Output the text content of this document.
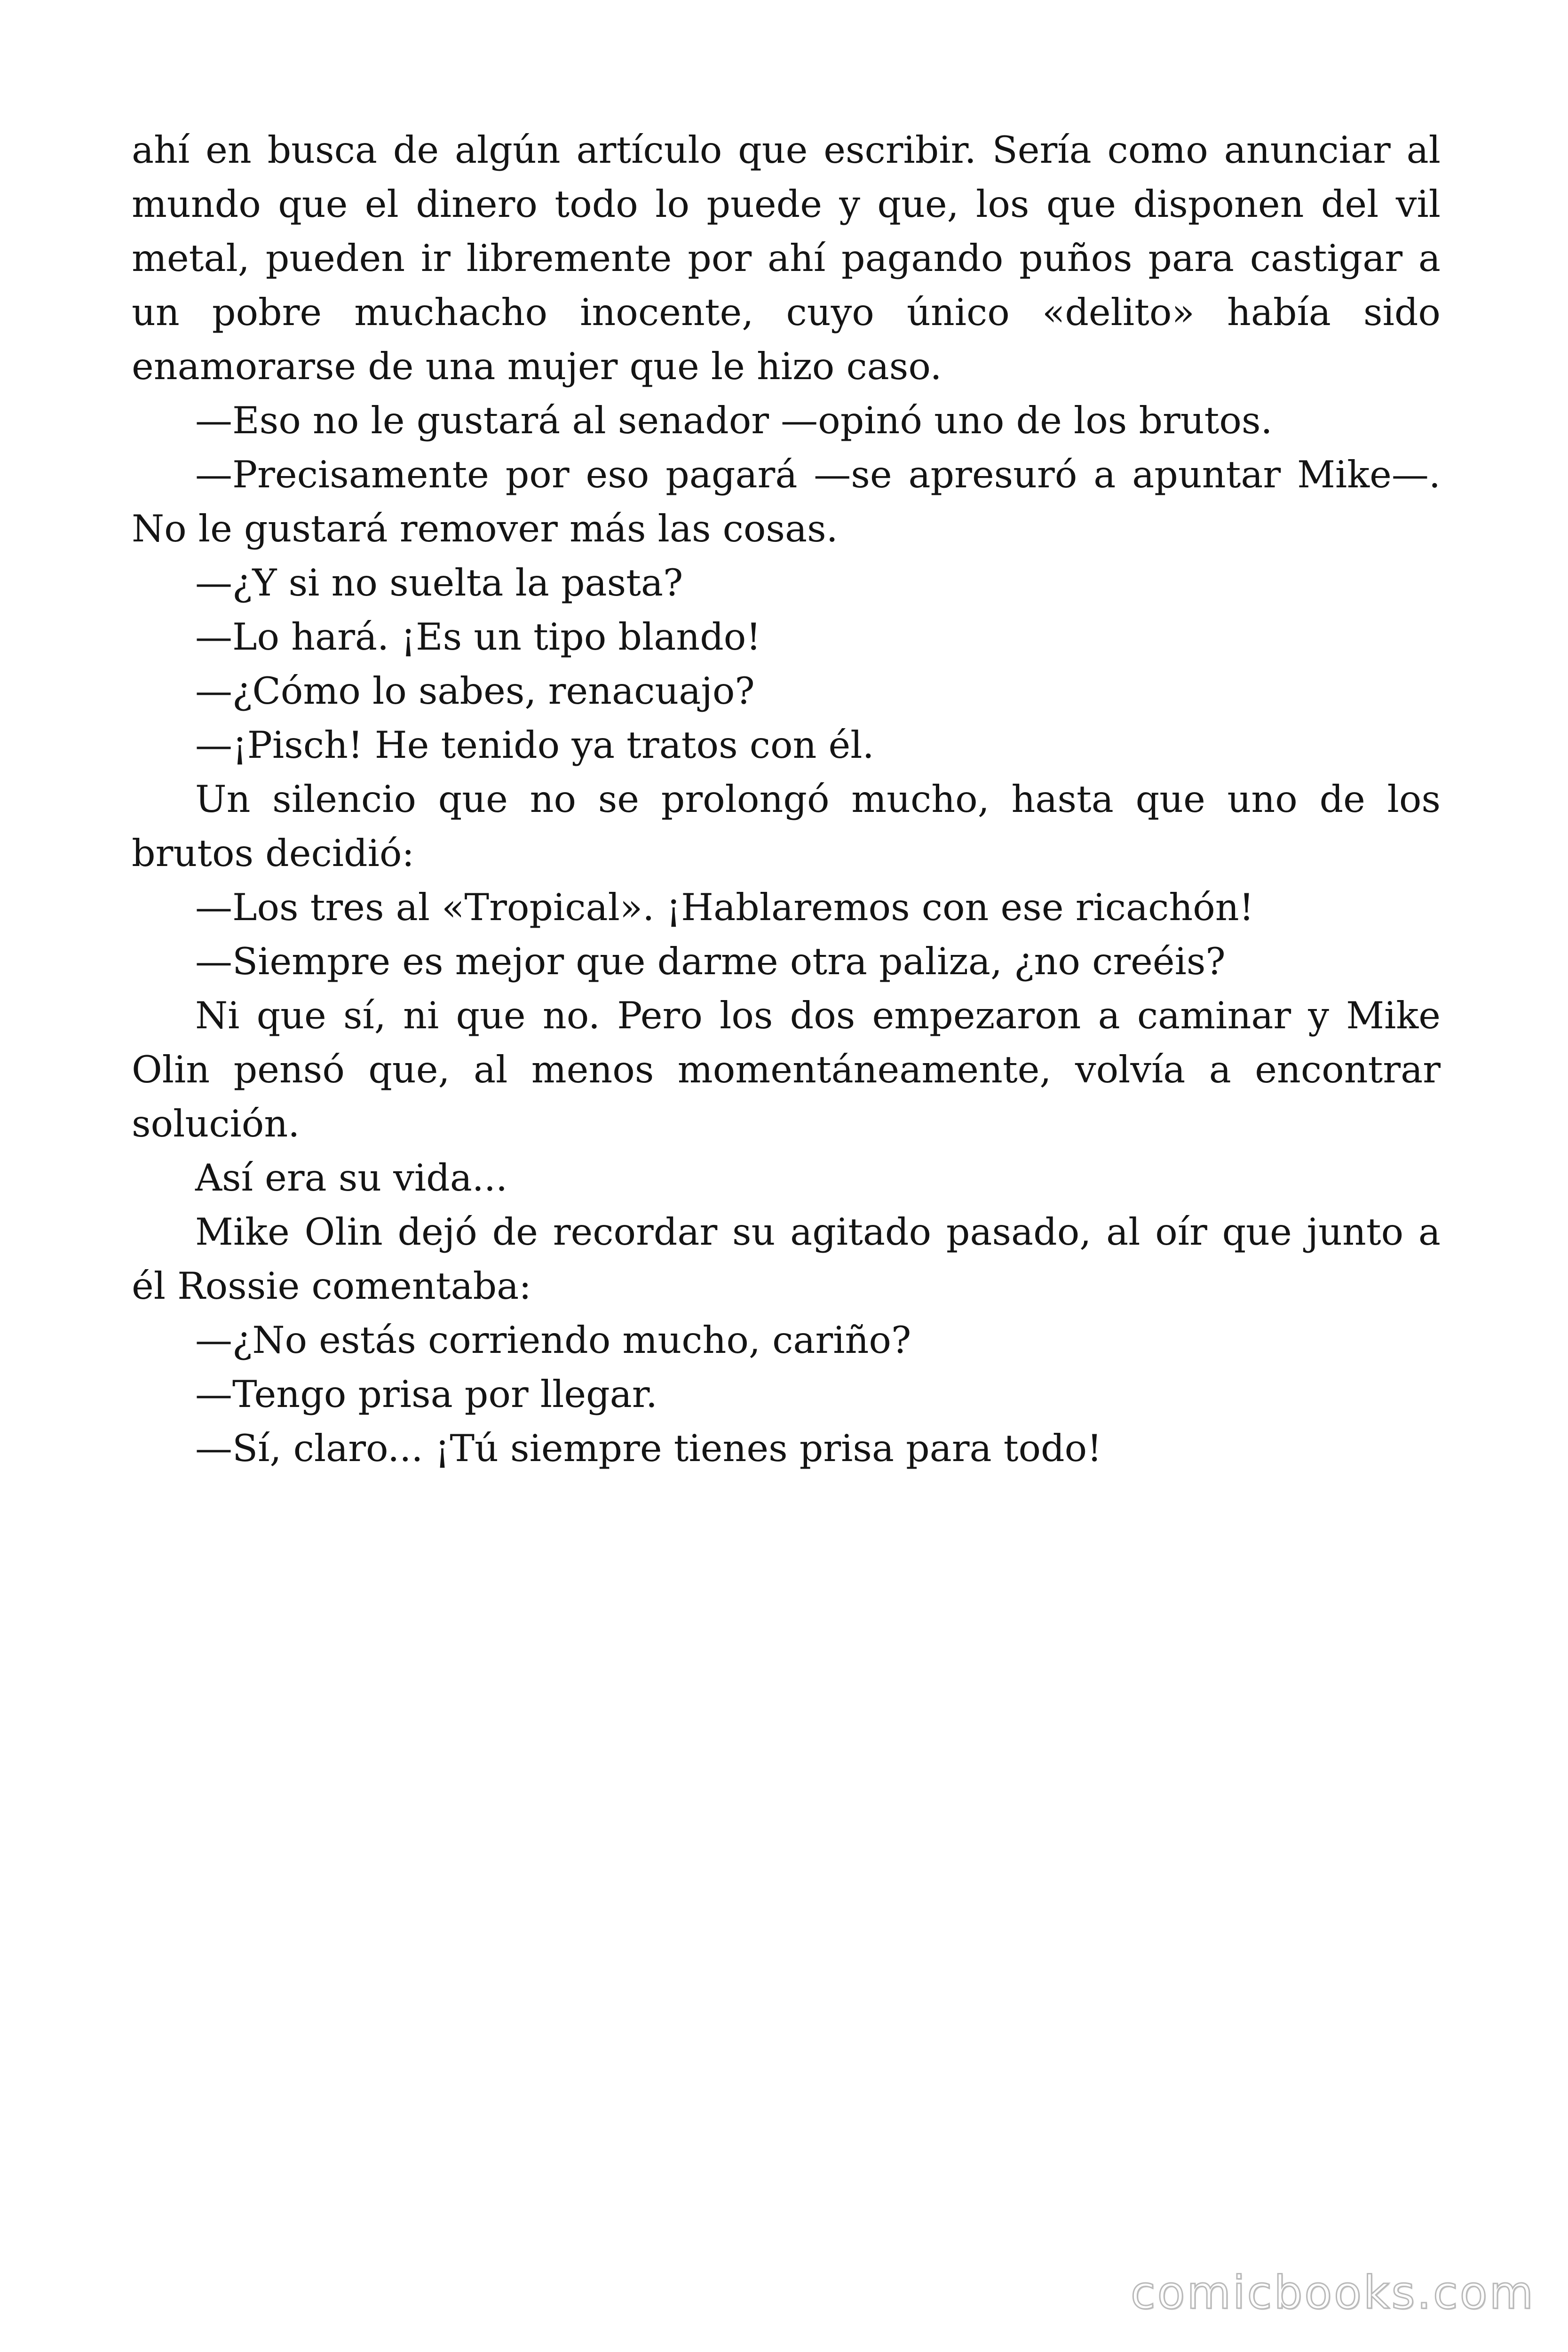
ahí en busca de algún artículo que escribir. Sería como anunciar al mundo que el dinero todo lo puede y que, los que disponen del vil metal, pueden ir libremente por ahí pagando puños para castigar a un pobre muchacho inocente, cuyo único «delito» había sido enamorarse de una mujer que le hizo caso.

—Eso no le gustará al senador —opinó uno de los brutos.

—Precisamente por eso pagará —se apresuró a apuntar Mike—. No le gustará remover más las cosas.

—¿Y si no suelta la pasta?

—Lo hará. ¡Es un tipo blando!

—¿Cómo lo sabes, renacuajo?

—¡Pisch! He tenido ya tratos con él.

Un silencio que no se prolongó mucho, hasta que uno de los brutos decidió:

—Los tres al «Tropical». ¡Hablaremos con ese ricachón!

—Siempre es mejor que darme otra paliza, ¿no creéis?

Ni que sí, ni que no. Pero los dos empezaron a caminar y Mike Olin pensó que, al menos momentáneamente, volvía a encontrar solución.

Así era su vida...

Mike Olin dejó de recordar su agitado pasado, al oír que junto a él Rossie comentaba:

—¿No estás corriendo mucho, cariño?

—Tengo prisa por llegar.

—Sí, claro... ¡Tú siempre tienes prisa para todo!

comicbooks.com
